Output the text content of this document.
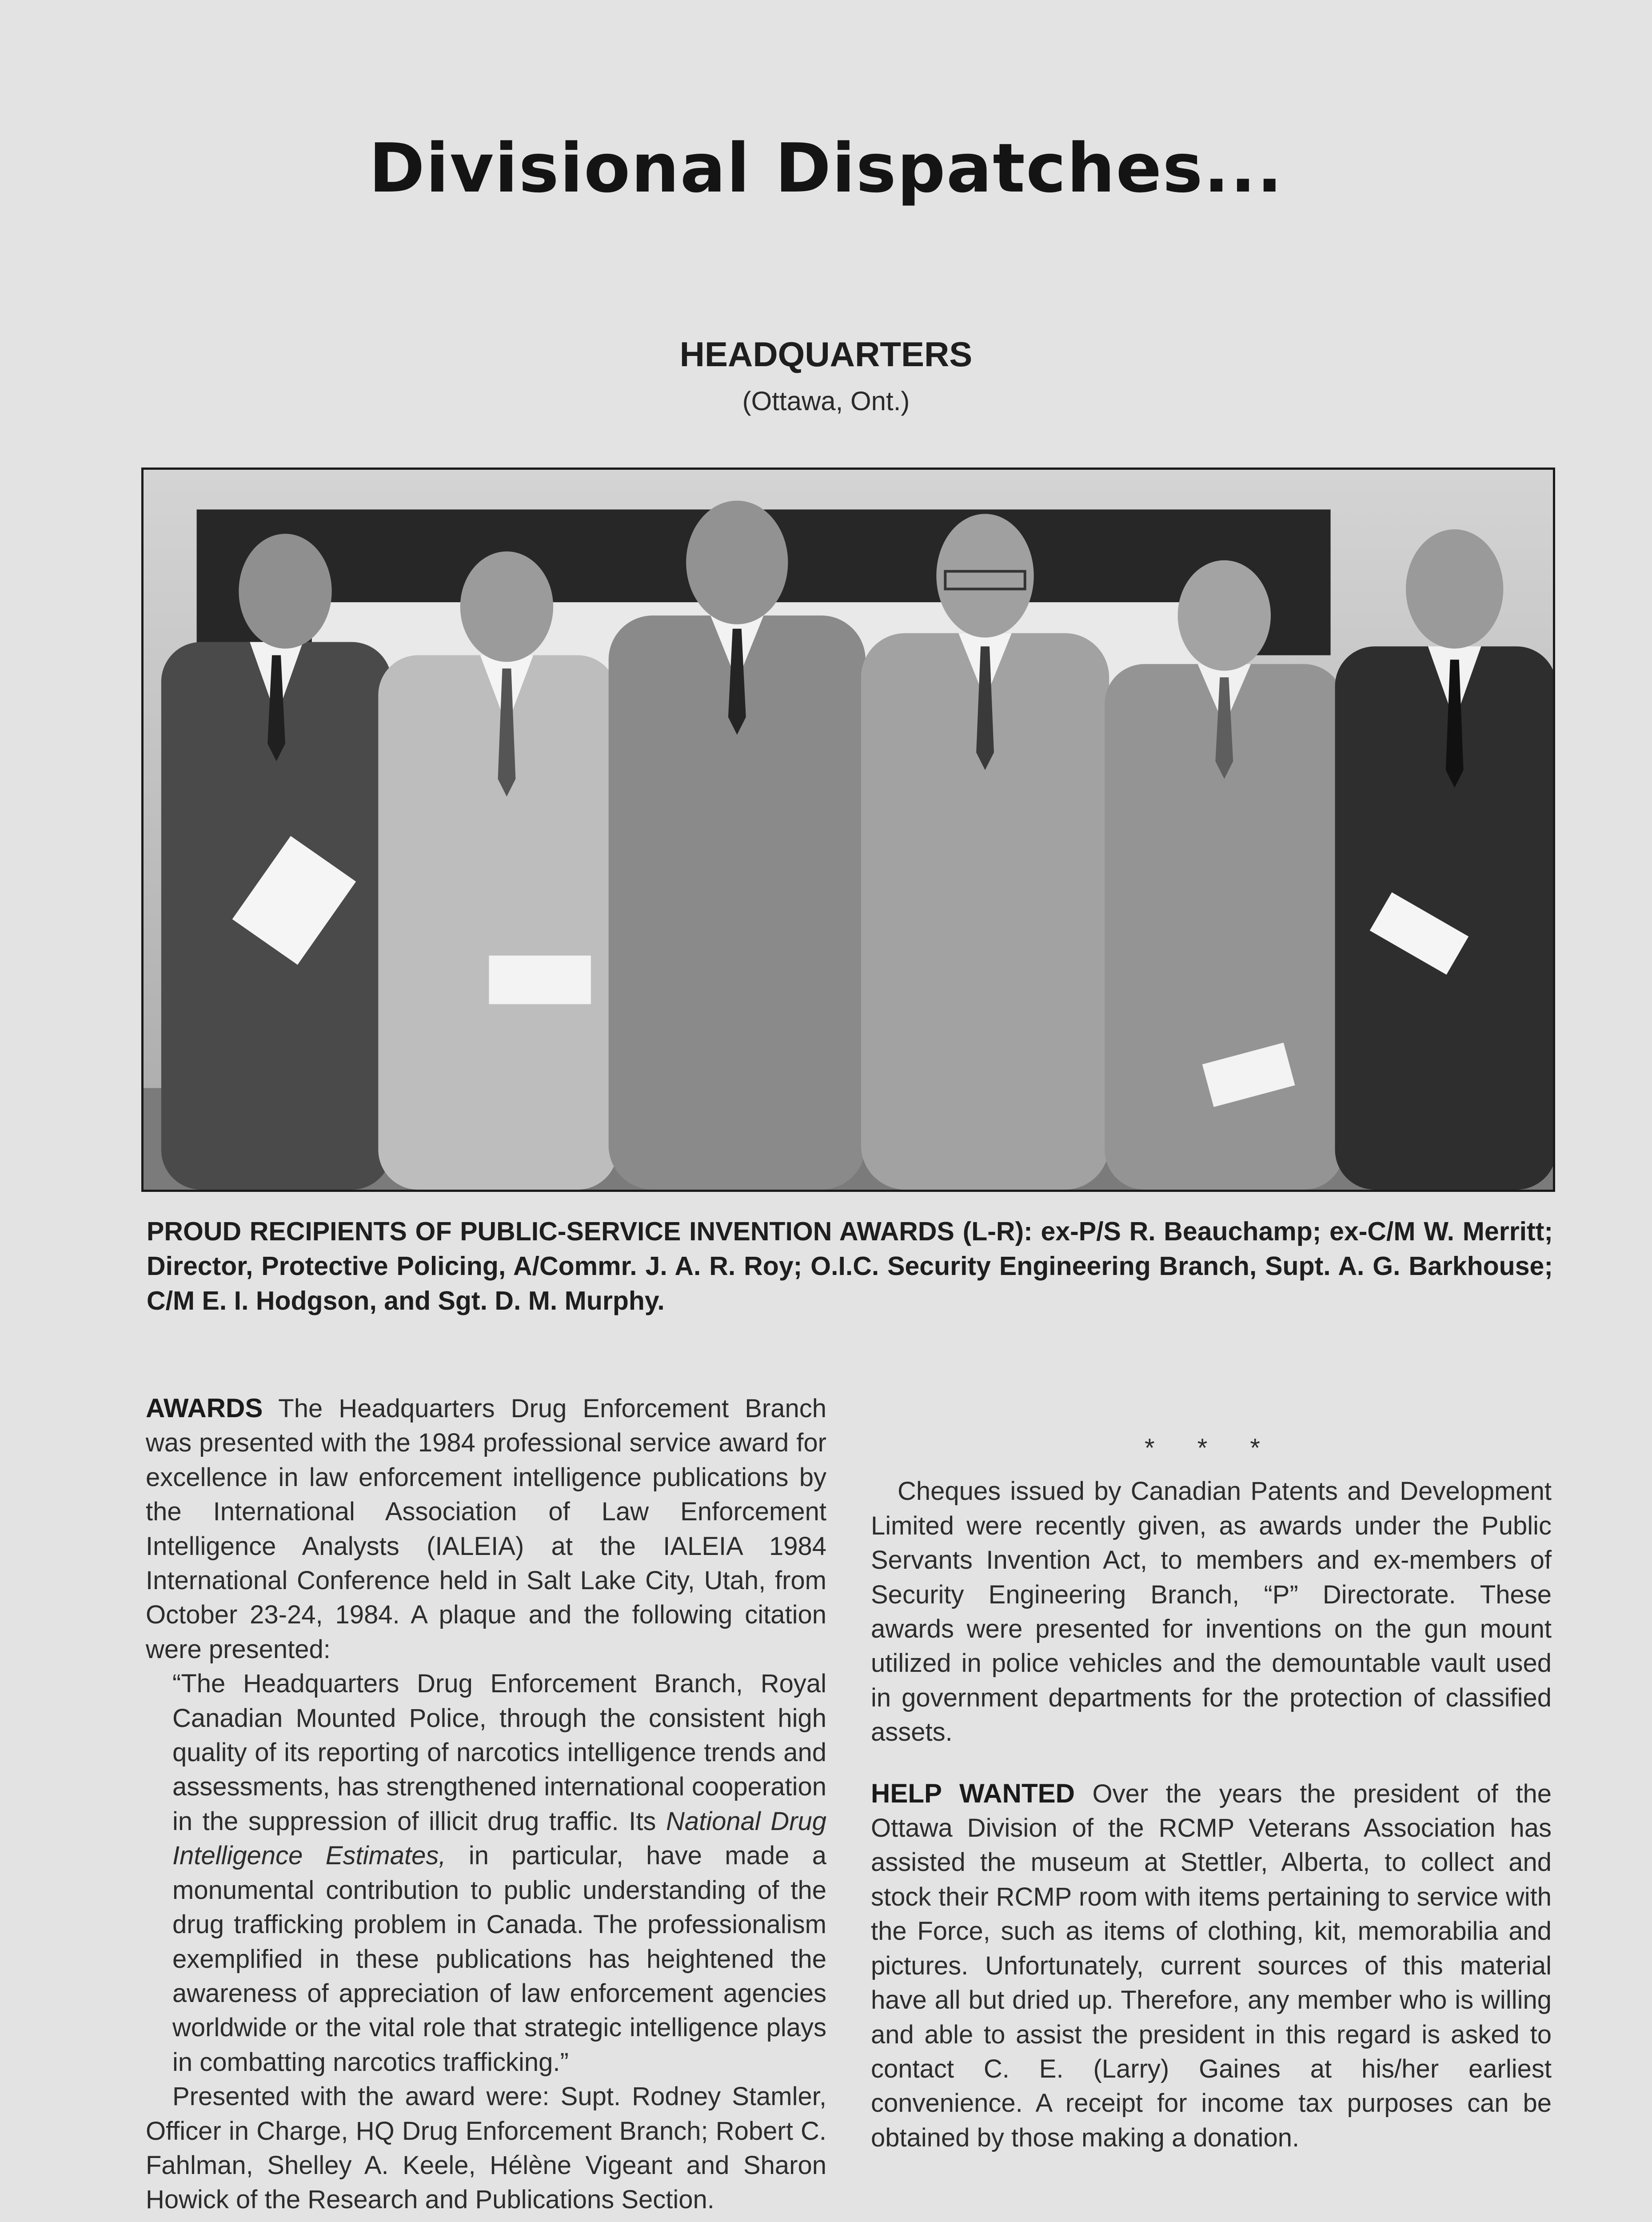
Divisional Dispatches...
HEADQUARTERS
(Ottawa, Ont.)

PROUD RECIPIENTS OF PUBLIC-SERVICE INVENTION AWARDS (L-R): ex-P/S R. Beauchamp; ex-C/M W. Merritt; Director, Protective Policing, A/Commr. J. A. R. Roy; O.I.C. Security Engineering Branch, Supt. A. G. Barkhouse; C/M E. I. Hodgson, and Sgt. D. M. Murphy.

AWARDS The Headquarters Drug Enforcement Branch was presented with the 1984 professional service award for excellence in law enforcement intelligence publications by the International Association of Law Enforcement Intelligence Analysts (IALEIA) at the IALEIA 1984 International Conference held in Salt Lake City, Utah, from October 23-24, 1984. A plaque and the following citation were presented:

“The Headquarters Drug Enforcement Branch, Royal Canadian Mounted Police, through the consistent high quality of its reporting of narcotics intelligence trends and assessments, has strengthened international cooperation in the suppression of illicit drug traffic. Its National Drug Intelligence Estimates, in particular, have made a monumental contribution to public understanding of the drug trafficking problem in Canada. The professionalism exemplified in these publications has heightened the awareness of appreciation of law enforcement agencies worldwide or the vital role that strategic intelligence plays in combatting narcotics trafficking.”

Presented with the award were: Supt. Rodney Stamler, Officer in Charge, HQ Drug Enforcement Branch; Robert C. Fahlman, Shelley A. Keele, Hélène Vigeant and Sharon Howick of the Research and Publications Section.

* * *

Cheques issued by Canadian Patents and Development Limited were recently given, as awards under the Public Servants Invention Act, to members and ex-members of Security Engineering Branch, “P” Directorate. These awards were presented for inventions on the gun mount utilized in police vehicles and the demountable vault used in government departments for the protection of classified assets.

HELP WANTED Over the years the president of the Ottawa Division of the RCMP Veterans Association has assisted the museum at Stettler, Alberta, to collect and stock their RCMP room with items pertaining to service with the Force, such as items of clothing, kit, memorabilia and pictures. Unfortunately, current sources of this material have all but dried up. Therefore, any member who is willing and able to assist the president in this regard is asked to contact C. E. (Larry) Gaines at his/her earliest convenience. A receipt for income tax purposes can be obtained by those making a donation.
